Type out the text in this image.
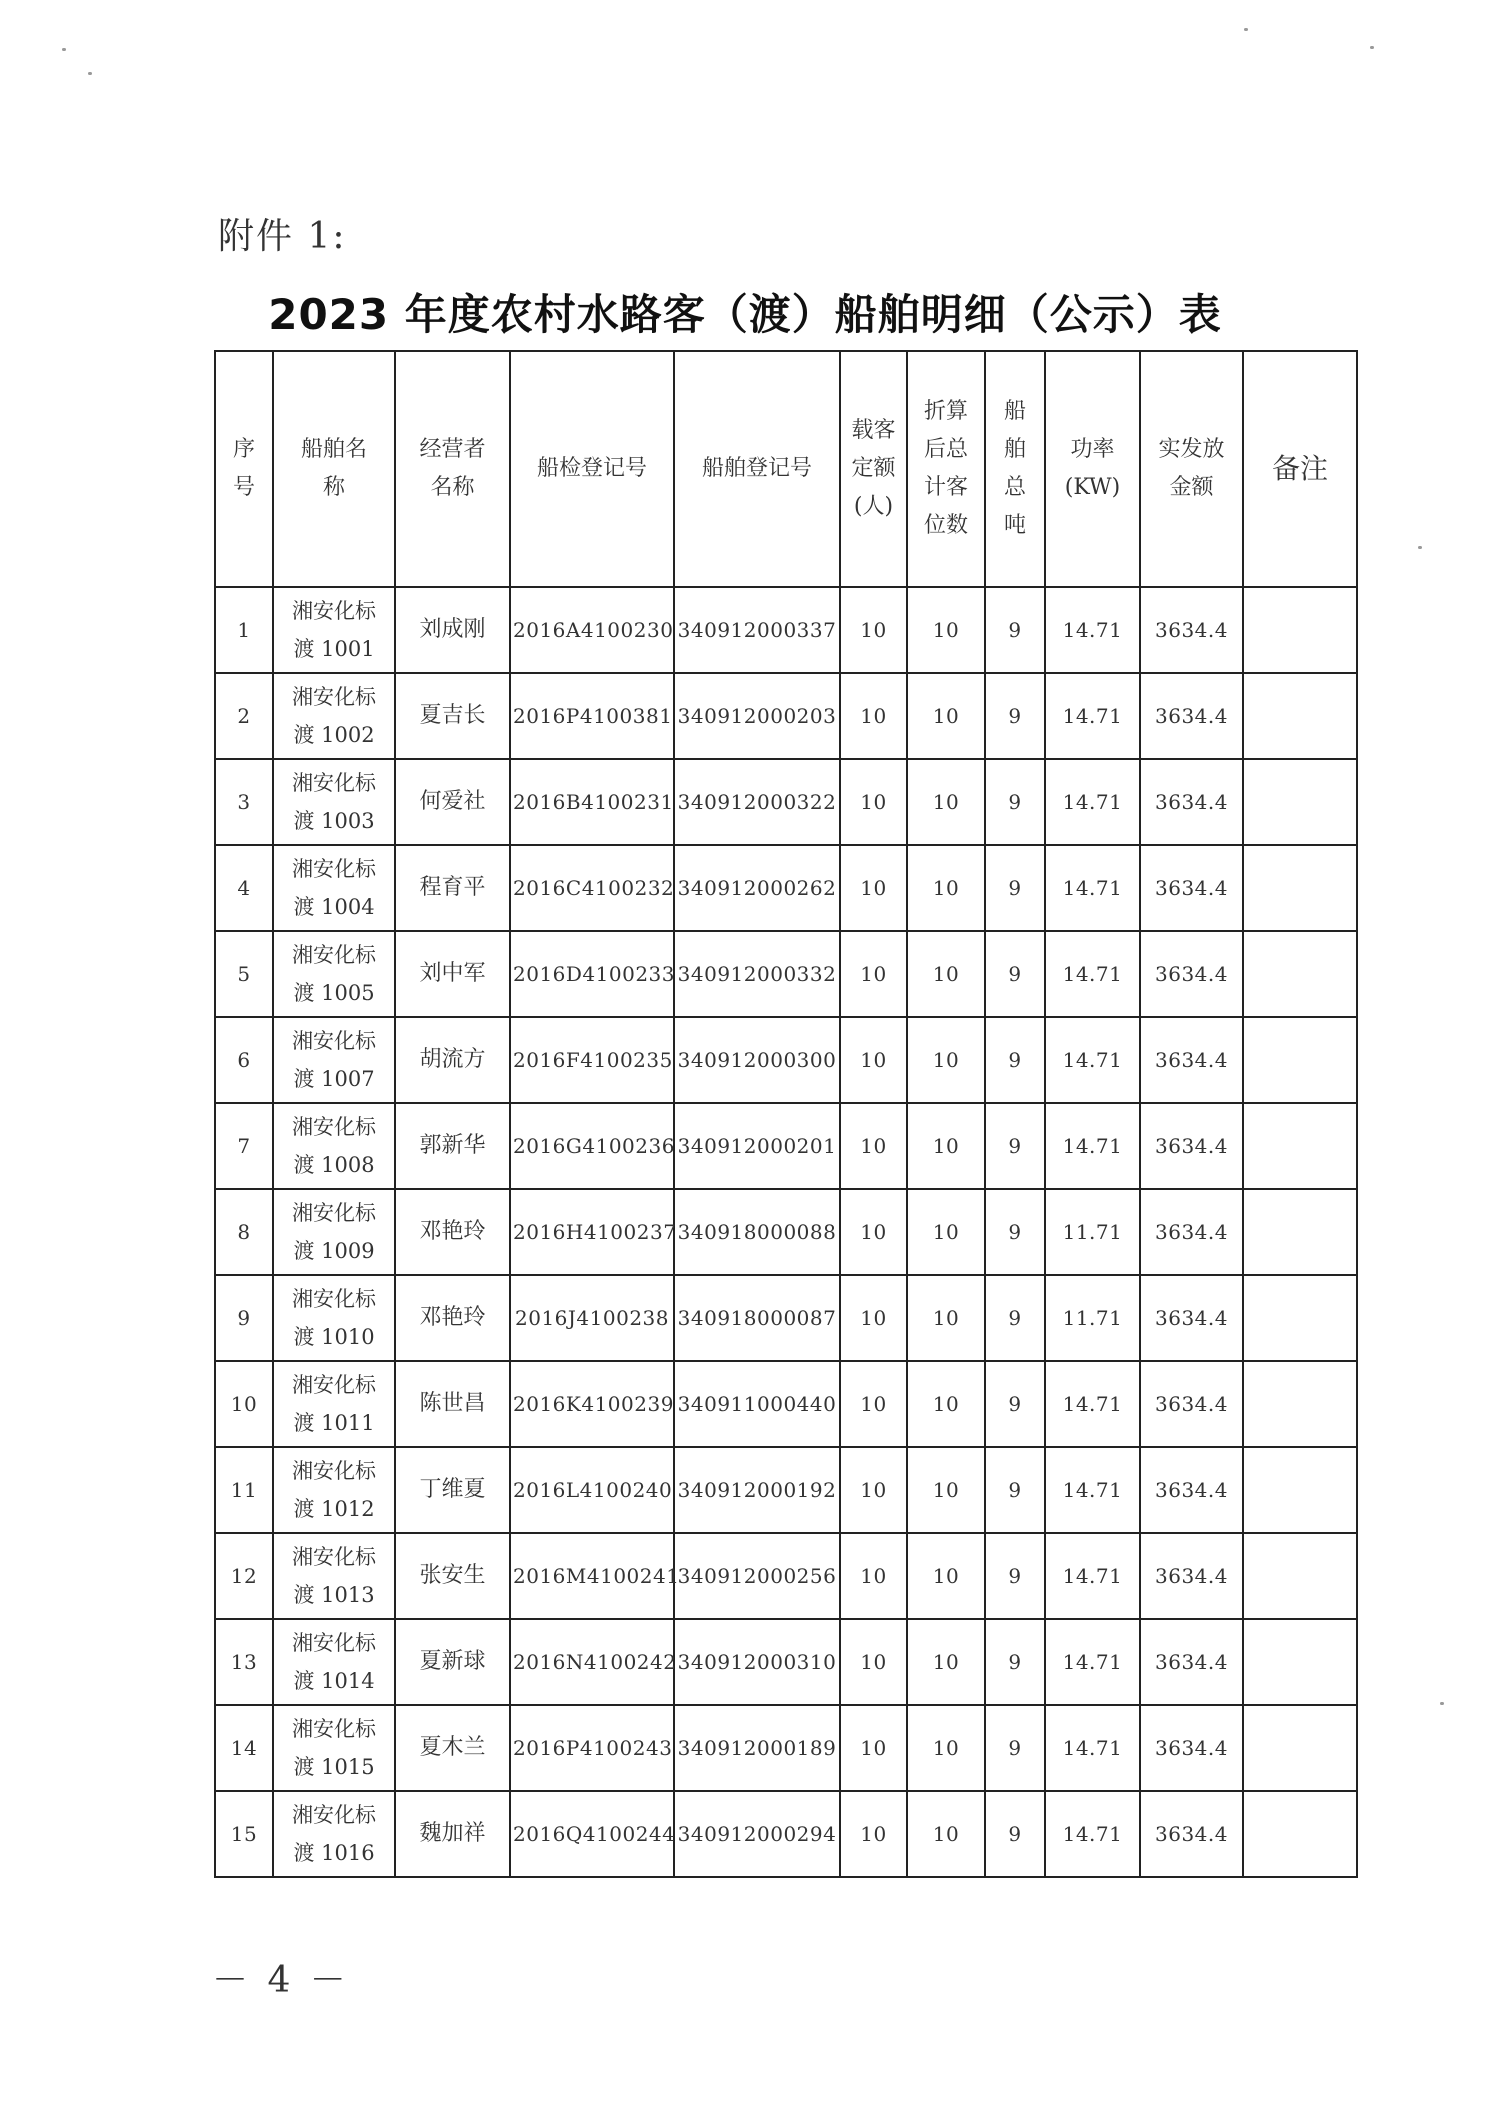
附件 1:
2023 年度农村水路客（渡）船舶明细（公示）表
序号	船舶名称	经营者名称	船检登记号	船舶登记号	载客定额(人)	折算后总计客位数	船舶总吨	功率(KW)	实发放金额	备注
1	湘安化标渡 1001	刘成刚	2016A4100230	340912000337	10	10	9	14.71	3634.4	
2	湘安化标渡 1002	夏吉长	2016P4100381	340912000203	10	10	9	14.71	3634.4	
3	湘安化标渡 1003	何爱社	2016B4100231	340912000322	10	10	9	14.71	3634.4	
4	湘安化标渡 1004	程育平	2016C4100232	340912000262	10	10	9	14.71	3634.4	
5	湘安化标渡 1005	刘中军	2016D4100233	340912000332	10	10	9	14.71	3634.4	
6	湘安化标渡 1007	胡流方	2016F4100235	340912000300	10	10	9	14.71	3634.4	
7	湘安化标渡 1008	郭新华	2016G4100236	340912000201	10	10	9	14.71	3634.4	
8	湘安化标渡 1009	邓艳玲	2016H4100237	340918000088	10	10	9	11.71	3634.4	
9	湘安化标渡 1010	邓艳玲	2016J4100238	340918000087	10	10	9	11.71	3634.4	
10	湘安化标渡 1011	陈世昌	2016K4100239	340911000440	10	10	9	14.71	3634.4	
11	湘安化标渡 1012	丁维夏	2016L4100240	340912000192	10	10	9	14.71	3634.4	
12	湘安化标渡 1013	张安生	2016M4100241	340912000256	10	10	9	14.71	3634.4	
13	湘安化标渡 1014	夏新球	2016N4100242	340912000310	10	10	9	14.71	3634.4	
14	湘安化标渡 1015	夏木兰	2016P4100243	340912000189	10	10	9	14.71	3634.4	
15	湘安化标渡 1016	魏加祥	2016Q4100244	340912000294	10	10	9	14.71	3634.4	
－ 4 －
